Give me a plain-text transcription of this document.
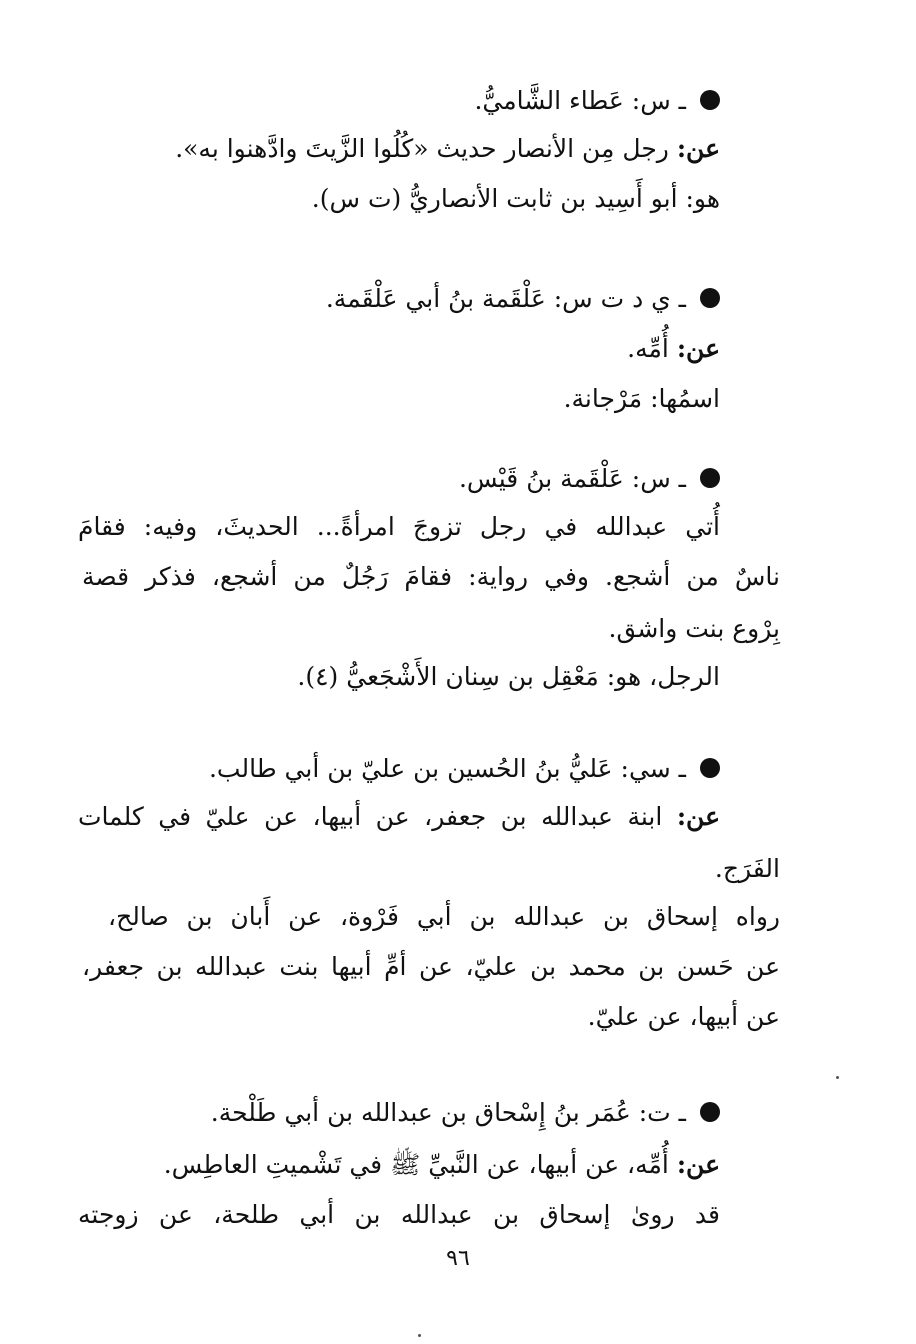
ـ س: عَطاء الشَّاميُّ.
عن: رجل مِن الأنصار حديث «كُلُوا الزَّيتَ وادَّهنوا به».
هو: أبو أَسِيد بن ثابت الأنصاريُّ (ت س).
ـ ي د ت س: عَلْقَمة بنُ أبي عَلْقَمة.
عن: أُمِّه.
اسمُها: مَرْجانة.
ـ س: عَلْقَمة بنُ قَيْس.
أُتي عبدالله في رجل تزوجَ امرأةً... الحديثَ، وفيه: فقامَ
ناسٌ من أشجع. وفي رواية: فقامَ رَجُلٌ من أشجع، فذكر قصة
بِرْوع بنت واشق.
الرجل، هو: مَعْقِل بن سِنان الأَشْجَعيُّ (٤).
ـ سي: عَليُّ بنُ الحُسين بن عليّ بن أبي طالب.
عن: ابنة عبدالله بن جعفر، عن أبيها، عن عليّ في كلمات
الفَرَج.
رواه إسحاق بن عبدالله بن أبي فَرْوة، عن أَبان بن صالح،
عن حَسن بن محمد بن عليّ، عن أمِّ أبيها بنت عبدالله بن جعفر،
عن أبيها، عن عليّ.
ـ ت: عُمَر بنُ إِسْحاق بن عبدالله بن أبي طَلْحة.
عن: أُمِّه، عن أبيها، عن النَّبيِّ ﷺ في تَشْميتِ العاطِس.
قد روىٰ إسحاق بن عبدالله بن أبي طلحة، عن زوجته
٩٦
